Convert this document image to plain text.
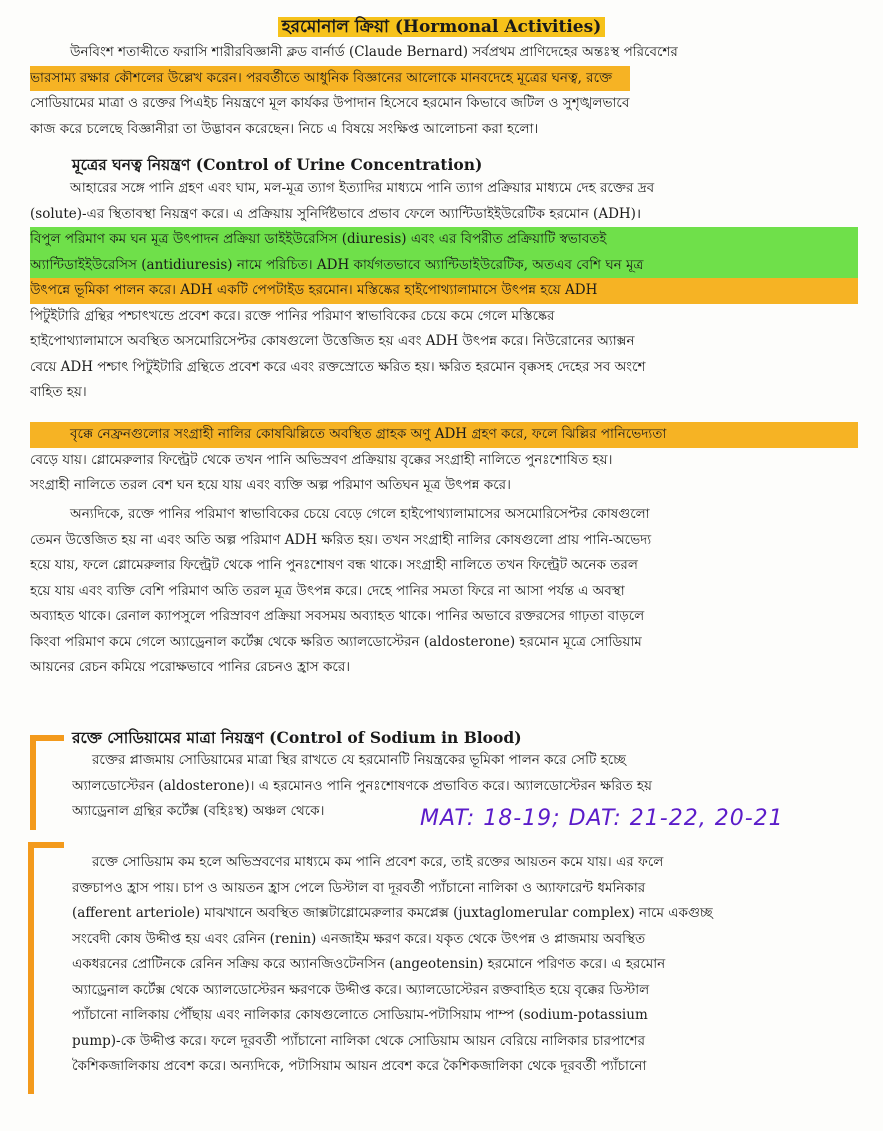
হরমোনাল ক্রিয়া (Hormonal Activities)
উনবিংশ শতাব্দীতে ফরাসি শারীরবিজ্ঞানী ক্লড বার্নার্ড (Claude Bernard) সর্বপ্রথম প্রাণিদেহের অন্তঃস্থ পরিবেশের
ভারসাম্য রক্ষার কৌশলের উল্লেখ করেন। পরবর্তীতে আধুনিক বিজ্ঞানের আলোকে মানবদেহে মূত্রের ঘনত্ব, রক্তে
সোডিয়ামের মাত্রা ও রক্তের পিএইচ নিয়ন্ত্রণে মূল কার্যকর উপাদান হিসেবে হরমোন কিভাবে জটিল ও সুশৃঙ্খলভাবে
কাজ করে চলেছে বিজ্ঞানীরা তা উদ্ভাবন করেছেন। নিচে এ বিষয়ে সংক্ষিপ্ত আলোচনা করা হলো।
মূত্রের ঘনত্ব নিয়ন্ত্রণ (Control of Urine Concentration)
আহারের সঙ্গে পানি গ্রহণ এবং ঘাম, মল-মূত্র ত্যাগ ইত্যাদির মাধ্যমে পানি ত্যাগ প্রক্রিয়ার মাধ্যমে দেহ রক্তের দ্রব
(solute)-এর স্থিতাবস্থা নিয়ন্ত্রণ করে। এ প্রক্রিয়ায় সুনির্দিষ্টভাবে প্রভাব ফেলে অ্যান্টিডাইইউরেটিক হরমোন (ADH)।
বিপুল পরিমাণ কম ঘন মূত্র উৎপাদন প্রক্রিয়া ডাইইউরেসিস (diuresis) এবং এর বিপরীত প্রক্রিয়াটি স্বভাবতই
অ্যান্টিডাইইউরেসিস (antidiuresis) নামে পরিচিত। ADH কার্যগতভাবে অ্যান্টিডাইউরেটিক, অতএব বেশি ঘন মূত্র
উৎপন্নে ভূমিকা পালন করে। ADH একটি পেপটাইড হরমোন। মস্তিষ্কের হাইপোথ্যালামাসে উৎপন্ন হয়ে ADH
পিটুইটারি গ্রন্থির পশ্চাৎখন্ডে প্রবেশ করে। রক্তে পানির পরিমাণ স্বাভাবিকের চেয়ে কমে গেলে মস্তিষ্কের
হাইপোথ্যালামাসে অবস্থিত অসমোরিসেপ্টর কোষগুলো উত্তেজিত হয় এবং ADH উৎপন্ন করে। নিউরোনের অ্যাক্সন
বেয়ে ADH পশ্চাৎ পিটুইটারি গ্রন্থিতে প্রবেশ করে এবং রক্তস্রোতে ক্ষরিত হয়। ক্ষরিত হরমোন বৃক্কসহ দেহের সব অংশে
বাহিত হয়।
বৃক্কে নেফ্রনগুলোর সংগ্রাহী নালির কোষঝিল্লিতে অবস্থিত গ্রাহক অণু ADH গ্রহণ করে, ফলে ঝিল্লির পানিভেদ্যতা
বেড়ে যায়। গ্লোমেরুলার ফিল্ট্রেট থেকে তখন পানি অভিস্রবণ প্রক্রিয়ায় বৃক্কের সংগ্রাহী নালিতে পুনঃশোষিত হয়।
সংগ্রাহী নালিতে তরল বেশ ঘন হয়ে যায় এবং ব্যক্তি অল্প পরিমাণ অতিঘন মূত্র উৎপন্ন করে।
অন্যদিকে, রক্তে পানির পরিমাণ স্বাভাবিকের চেয়ে বেড়ে গেলে হাইপোথ্যালামাসের অসমোরিসেপ্টর কোষগুলো
তেমন উত্তেজিত হয় না এবং অতি অল্প পরিমাণ ADH ক্ষরিত হয়। তখন সংগ্রাহী নালির কোষগুলো প্রায় পানি-অভেদ্য
হয়ে যায়, ফলে গ্লোমেরুলার ফিল্ট্রেট থেকে পানি পুনঃশোষণ বন্ধ থাকে। সংগ্রাহী নালিতে তখন ফিল্ট্রেট অনেক তরল
হয়ে যায় এবং ব্যক্তি বেশি পরিমাণ অতি তরল মূত্র উৎপন্ন করে। দেহে পানির সমতা ফিরে না আসা পর্যন্ত এ অবস্থা
অব্যাহত থাকে। রেনাল ক্যাপসুলে পরিস্রাবণ প্রক্রিয়া সবসময় অব্যাহত থাকে। পানির অভাবে রক্তরসের গাঢ়তা বাড়লে
কিংবা পরিমাণ কমে গেলে অ্যাড্রেনাল কর্টেক্স থেকে ক্ষরিত অ্যালডোস্টেরন (aldosterone) হরমোন মূত্রে সোডিয়াম
আয়নের রেচন কমিয়ে পরোক্ষভাবে পানির রেচনও হ্রাস করে।
রক্তে সোডিয়ামের মাত্রা নিয়ন্ত্রণ (Control of Sodium in Blood)
রক্তের প্লাজমায় সোডিয়ামের মাত্রা স্থির রাখতে যে হরমোনটি নিয়ন্ত্রকের ভূমিকা পালন করে সেটি হচ্ছে
অ্যালডোস্টেরন (aldosterone)। এ হরমোনও পানি পুনঃশোষণকে প্রভাবিত করে। অ্যালডোস্টেরন ক্ষরিত হয়
অ্যাড্রেনাল গ্রন্থির কর্টেক্স (বহিঃস্থ) অঞ্চল থেকে।	MAT: 18-19; DAT: 21-22, 20-21
রক্তে সোডিয়াম কম হলে অভিস্রবণের মাধ্যমে কম পানি প্রবেশ করে, তাই রক্তের আয়তন কমে যায়। এর ফলে
রক্তচাপও হ্রাস পায়। চাপ ও আয়তন হ্রাস পেলে ডিস্টাল বা দূরবর্তী প্যাঁচানো নালিকা ও অ্যাফারেন্ট ধমনিকার
(afferent arteriole) মাঝখানে অবস্থিত জাক্সটাগ্লোমেরুলার কমপ্লেক্স (juxtaglomerular complex) নামে একগুচ্ছ
সংবেদী কোষ উদ্দীপ্ত হয় এবং রেনিন (renin) এনজাইম ক্ষরণ করে। যকৃত থেকে উৎপন্ন ও প্লাজমায় অবস্থিত
একধরনের প্রোটিনকে রেনিন সক্রিয় করে অ্যানজিওটেনসিন (angeotensin) হরমোনে পরিণত করে। এ হরমোন
অ্যাড্রেনাল কর্টেক্স থেকে অ্যালডোস্টেরন ক্ষরণকে উদ্দীপ্ত করে। অ্যালডোস্টেরন রক্তবাহিত হয়ে বৃক্কের ডিস্টাল
প্যাঁচানো নালিকায় পৌঁছায় এবং নালিকার কোষগুলোতে সোডিয়াম-পটাসিয়াম পাম্প (sodium-potassium
pump)-কে উদ্দীপ্ত করে। ফলে দূরবর্তী প্যাঁচানো নালিকা থেকে সোডিয়াম আয়ন বেরিয়ে নালিকার চারপাশের
কৈশিকজালিকায় প্রবেশ করে। অন্যদিকে, পটাসিয়াম আয়ন প্রবেশ করে কৈশিকজালিকা থেকে দূরবর্তী প্যাঁচানো
